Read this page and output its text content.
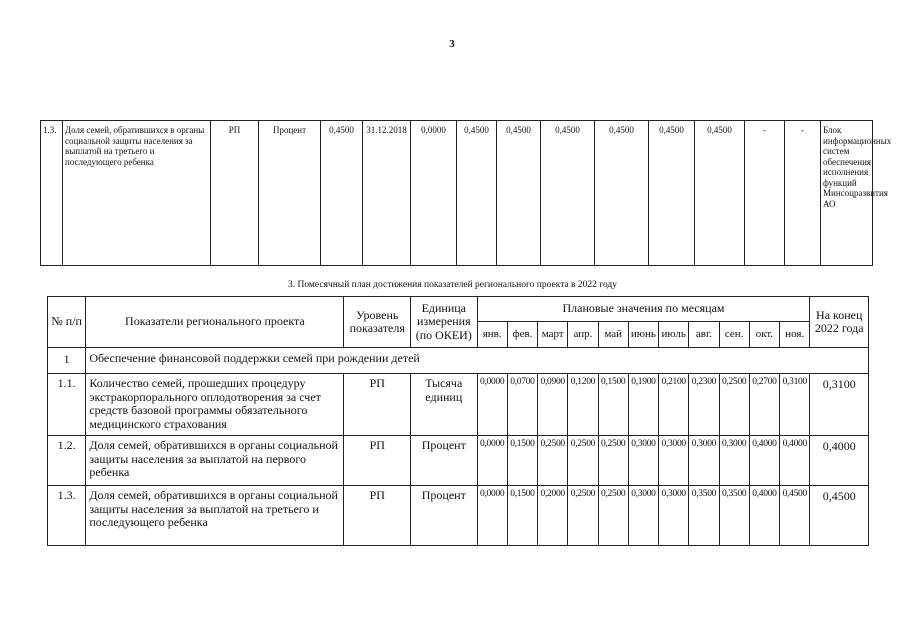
3
1.3.	Доля семей, обратившихся в органы социальной защиты населения за выплатой на третьего и последующего ребенка	РП	Процент	0,4500	31.12.2018	0,0000	0,4500	0,4500	0,4500	0,4500	0,4500	0,4500	-	-	Блок информационных систем обеспечения исполнения функций Минсоцразвития АО
3. Помесячный план достижения показателей регионального проекта в 2022 году
№ п/п	Показатели регионального проекта	Уровень показателя	Единица измерения (по ОКЕИ)	Плановые значения по месяцам											На конец 2022 года
				янв.	фев.	март	апр.	май	июнь	июль	авг.	сен.	окт.	ноя.	
1	Обеспечение финансовой поддержки семей при рождении детей														
1.1.	Количество семей, прошедших процедуру экстракорпорального оплодотворения за счет средств базовой программы обязательного медицинского страхования	РП	Тысяча единиц	0,0000	0,0700	0,0900	0,1200	0,1500	0,1900	0,2100	0,2300	0,2500	0,2700	0,3100	0,3100
1.2.	Доля семей, обратившихся в органы социальной защиты населения за выплатой на первого ребенка	РП	Процент	0,0000	0,1500	0,2500	0,2500	0,2500	0,3000	0,3000	0,3000	0,3000	0,4000	0,4000	0,4000
1.3.	Доля семей, обратившихся в органы социальной защиты населения за выплатой на третьего и последующего ребенка	РП	Процент	0,0000	0,1500	0,2000	0,2500	0,2500	0,3000	0,3000	0,3500	0,3500	0,4000	0,4500	0,4500
